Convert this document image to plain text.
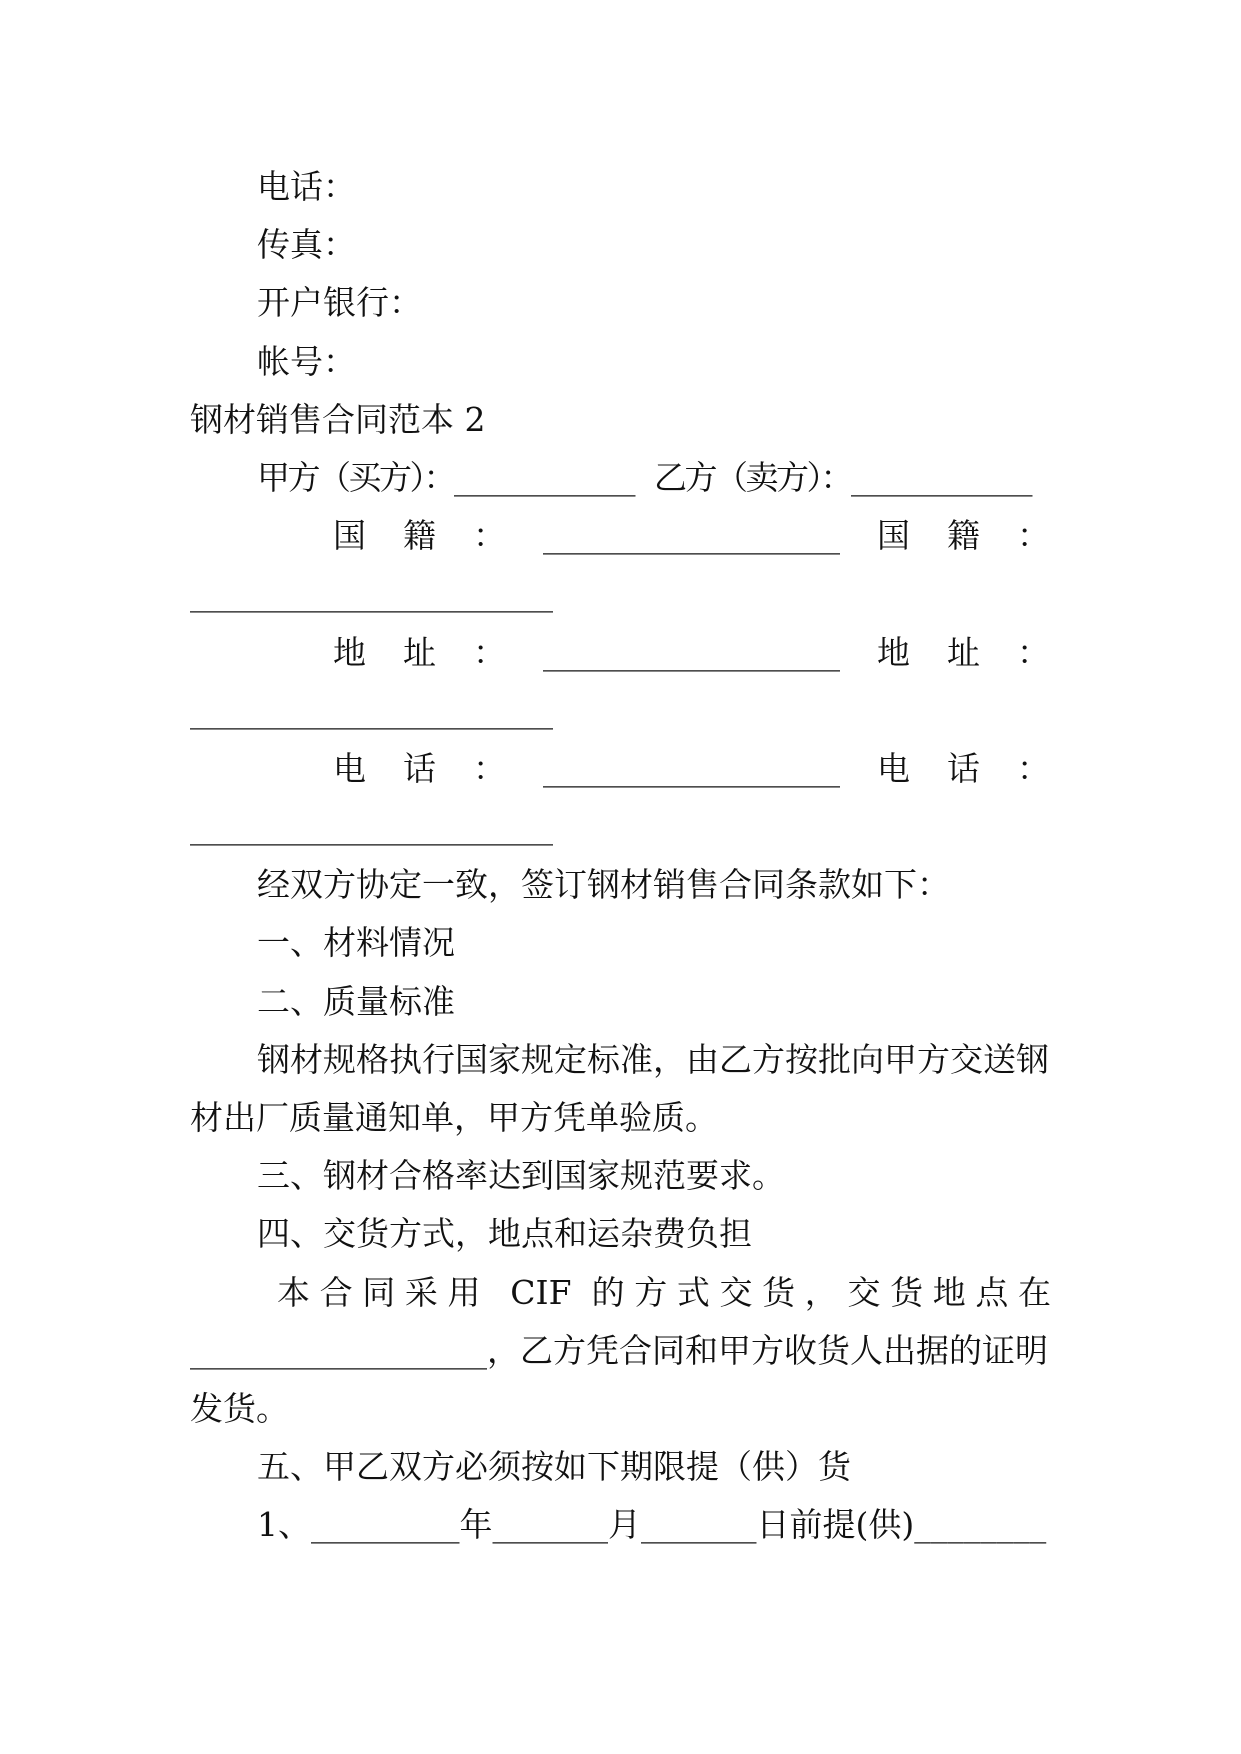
电话：
传真：
开户银行：
帐号：
钢材销售合同范本 2
甲方（买方）： ___________ 乙方（卖方）： ___________
国籍： __________________ 国籍：
______________________
地址： __________________ 地址：
______________________
电话： __________________ 电话：
______________________
经双方协定一致，签订钢材销售合同条款如下：
一、材料情况
二、质量标准
钢材规格执行国家规定标准，由乙方按批向甲方交送钢
材出厂质量通知单，甲方凭单验质。
三、钢材合格率达到国家规范要求。
四、交货方式，地点和运杂费负担
本合同采用 CIF 的方式交货，交货地点在
__________________，乙方凭合同和甲方收货人出据的证明
发货。
五、甲乙双方必须按如下期限提（供）货
1、_________年_______月_______日前提(供)________
